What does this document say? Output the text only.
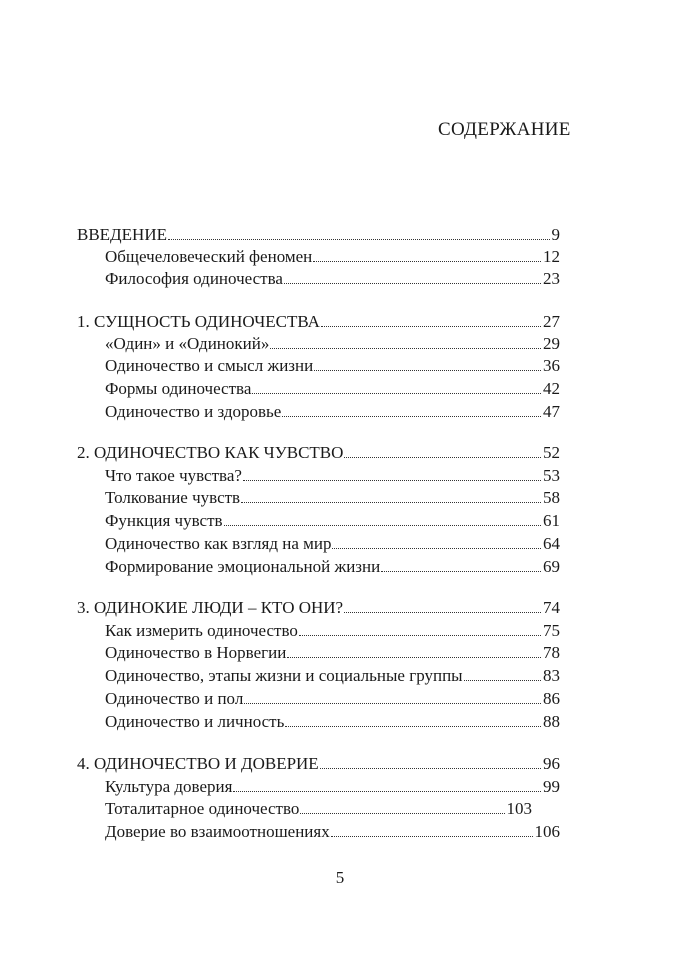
СОДЕРЖАНИЕ
ВВЕДЕНИЕ	9
Общечеловеческий феномен	12
Философия одиночества	23
1. СУЩНОСТЬ ОДИНОЧЕСТВА	27
«Один» и «Одинокий»	29
Одиночество и смысл жизни	36
Формы одиночества	42
Одиночество и здоровье	47
2. ОДИНОЧЕСТВО КАК ЧУВСТВО	52
Что такое чувства?	53
Толкование чувств	58
Функция чувств	61
Одиночество как взгляд на мир	64
Формирование эмоциональной жизни	69
3. ОДИНОКИЕ ЛЮДИ – КТО ОНИ?	74
Как измерить одиночество	75
Одиночество в Норвегии	78
Одиночество, этапы жизни и социальные группы	83
Одиночество и пол	86
Одиночество и личность	88
4. ОДИНОЧЕСТВО И ДОВЕРИЕ	96
Культура доверия	99
Тоталитарное одиночество	103
Доверие во взаимоотношениях	106

5
